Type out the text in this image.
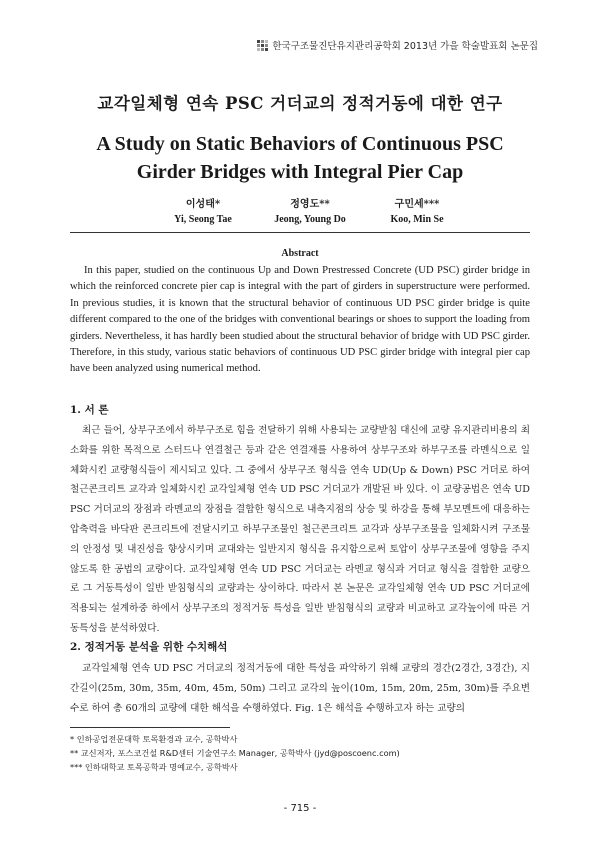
한국구조물진단유지관리공학회 2013년 가을 학술발표회 논문집
교각일체형 연속 PSC 거더교의 정적거동에 대한 연구
A Study on Static Behaviors of Continuous PSC Girder Bridges with Integral Pier Cap
이성태*
Yi, Seong Tae
정영도**
Jeong, Young Do
구민세***
Koo, Min Se
Abstract
In this paper, studied on the continuous Up and Down Prestressed Concrete (UD PSC) girder bridge in which the reinforced concrete pier cap is integral with the part of girders in superstructure were performed. In previous studies, it is known that the structural behavior of continuous UD PSC girder bridge is quite different compared to the one of the bridges with conventional bearings or shoes to support the loading from girders. Nevertheless, it has hardly been studied about the structural behavior of bridge with UD PSC girder. Therefore, in this study, various static behaviors of continuous UD PSC girder bridge with integral pier cap have been analyzed using numerical method.
1. 서 론
최근 들어, 상부구조에서 하부구조로 힘을 전달하기 위해 사용되는 교량받침 대신에 교량 유지관리비용의 최소화를 위한 목적으로 스터드나 연결철근 등과 같은 연결재를 사용하여 상부구조와 하부구조를 라멘식으로 일체화시킨 교량형식들이 제시되고 있다. 그 중에서 상부구조 형식을 연속 UD(Up & Down) PSC 거더로 하여 철근콘크리트 교각과 일체화시킨 교각일체형 연속 UD PSC 거더교가 개발된 바 있다. 이 교량공법은 연속 UD PSC 거더교의 장점과 라멘교의 장점을 결합한 형식으로 내측지점의 상승 및 하강을 통해 부모멘트에 대응하는 압축력을 바닥판 콘크리트에 전달시키고 하부구조물인 철근콘크리트 교각과 상부구조물을 일체화시켜 구조물의 안정성 및 내진성을 향상시키며 교대와는 일반지지 형식을 유지함으로써 토압이 상부구조물에 영향을 주지 않도록 한 공법의 교량이다. 교각일체형 연속 UD PSC 거더교는 라멘교 형식과 거더교 형식을 결합한 교량으로 그 거동특성이 일반 받침형식의 교량과는 상이하다. 따라서 본 논문은 교각일체형 연속 UD PSC 거더교에 적용되는 설계하중 하에서 상부구조의 정적거동 특성을 일반 받침형식의 교량과 비교하고 교각높이에 따른 거동특성을 분석하였다.
2. 정적거동 분석을 위한 수치해석
교각일체형 연속 UD PSC 거더교의 정적거동에 대한 특성을 파악하기 위해 교량의 경간(2경간, 3경간), 지간길이(25m, 30m, 35m, 40m, 45m, 50m) 그리고 교각의 높이(10m, 15m, 20m, 25m, 30m)를 주요변수로 하여 총 60개의 교량에 대한 해석을 수행하였다. Fig. 1은 해석을 수행하고자 하는 교량의
* 인하공업전문대학 토목환경과 교수, 공학박사
** 교신저자, 포스코건설 R&D센터 기술연구소 Manager, 공학박사 (jyd@poscoenc.com)
*** 인하대학교 토목공학과 명예교수, 공학박사
- 715 -
